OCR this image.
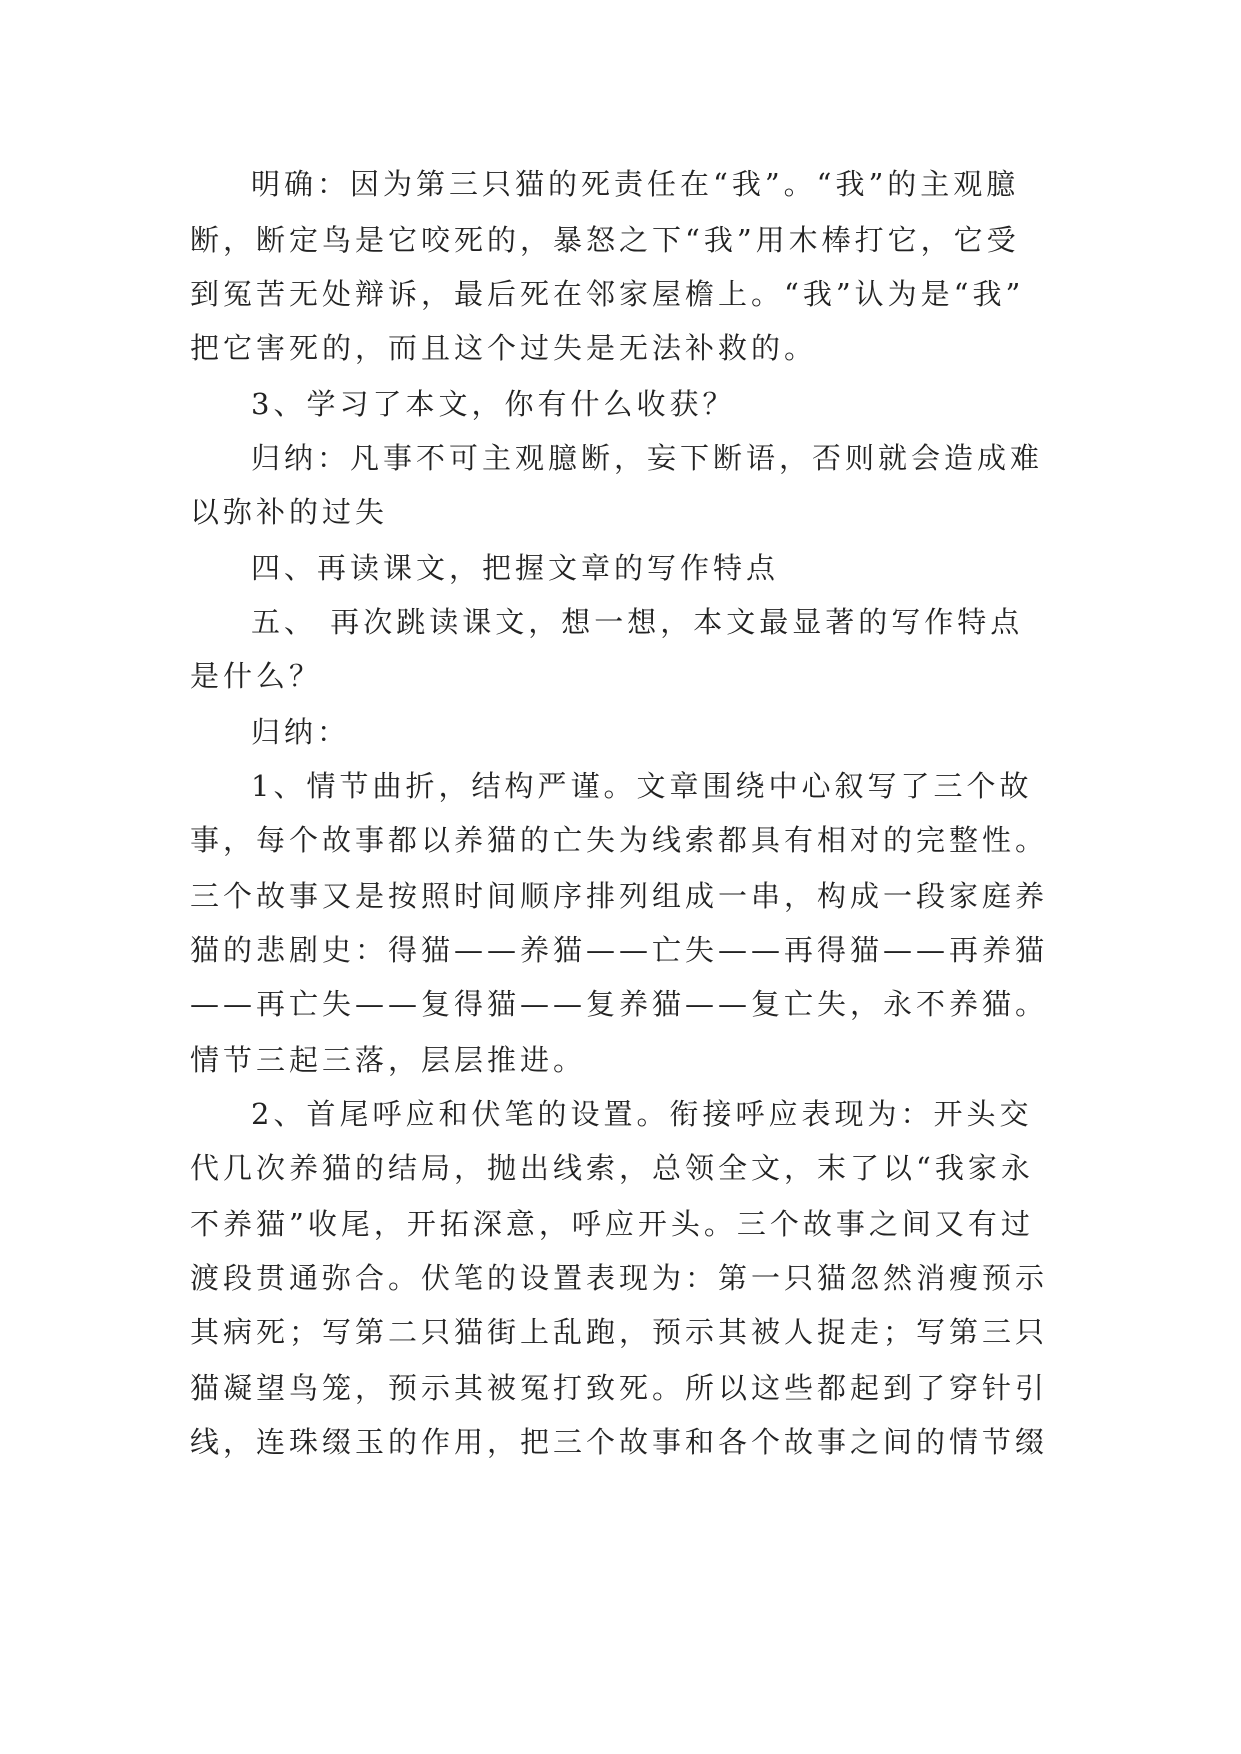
明确：因为第三只猫的死责任在“我”。“我”的主观臆
断，断定鸟是它咬死的，暴怒之下“我”用木棒打它，它受
到冤苦无处辩诉，最后死在邻家屋檐上。“我”认为是“我”
把它害死的，而且这个过失是无法补救的。
3、学习了本文，你有什么收获？
归纳：凡事不可主观臆断，妄下断语，否则就会造成难
以弥补的过失
四、再读课文，把握文章的写作特点
五、 再次跳读课文，想一想，本文最显著的写作特点
是什么？
归纳：
1、情节曲折，结构严谨。文章围绕中心叙写了三个故
事，每个故事都以养猫的亡失为线索都具有相对的完整性。
三个故事又是按照时间顺序排列组成一串，构成一段家庭养
猫的悲剧史：得猫——养猫——亡失——再得猫——再养猫
——再亡失——复得猫——复养猫——复亡失，永不养猫。
情节三起三落，层层推进。
2、首尾呼应和伏笔的设置。衔接呼应表现为：开头交
代几次养猫的结局，抛出线索，总领全文，末了以“我家永
不养猫”收尾，开拓深意，呼应开头。三个故事之间又有过
渡段贯通弥合。伏笔的设置表现为：第一只猫忽然消瘦预示
其病死；写第二只猫街上乱跑，预示其被人捉走；写第三只
猫凝望鸟笼，预示其被冤打致死。所以这些都起到了穿针引
线，连珠缀玉的作用，把三个故事和各个故事之间的情节缀
